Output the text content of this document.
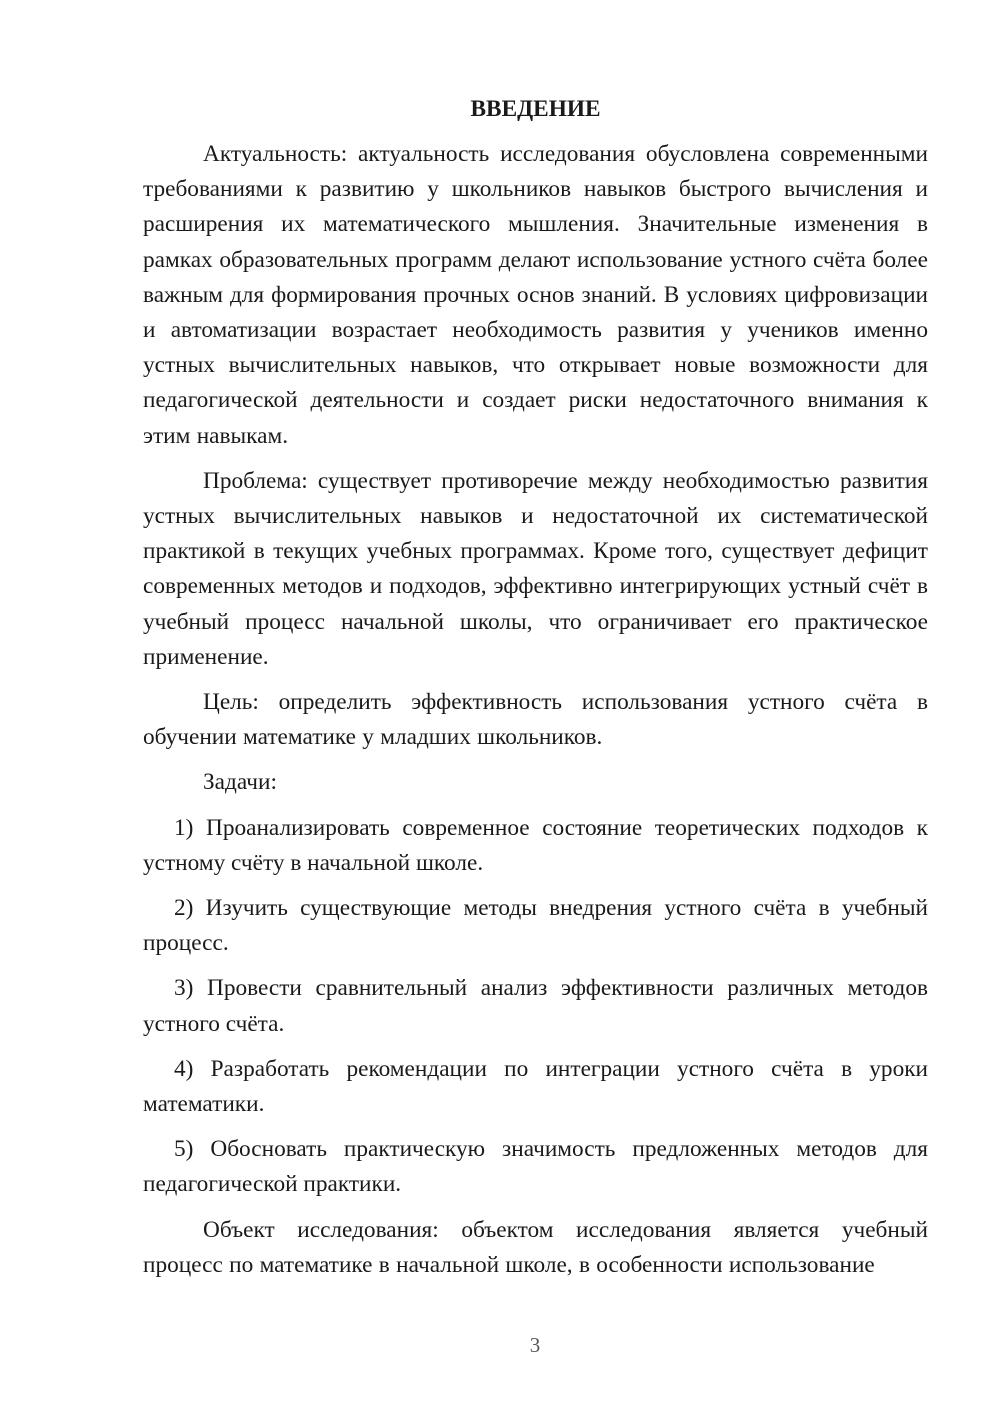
ВВЕДЕНИЕ

Актуальность: актуальность исследования обусловлена современными требованиями к развитию у школьников навыков быстрого вычисления и расширения их математического мышления. Значительные изменения в рамках образовательных программ делают использование устного счёта более важным для формирования прочных основ знаний. В условиях цифровизации и автоматизации возрастает необходимость развития у учеников именно устных вычислительных навыков, что открывает новые возможности для педагогической деятельности и создает риски недостаточного внимания к этим навыкам.

Проблема: существует противоречие между необходимостью развития устных вычислительных навыков и недостаточной их систематической практикой в текущих учебных программах. Кроме того, существует дефицит современных методов и подходов, эффективно интегрирующих устный счёт в учебный процесс начальной школы, что ограничивает его практическое применение.

Цель: определить эффективность использования устного счёта в обучении математике у младших школьников.

Задачи:

1) Проанализировать современное состояние теоретических подходов к устному счёту в начальной школе.

2) Изучить существующие методы внедрения устного счёта в учебный процесс.

3) Провести сравнительный анализ эффективности различных методов устного счёта.

4) Разработать рекомендации по интеграции устного счёта в уроки математики.

5) Обосновать практическую значимость предложенных методов для педагогической практики.

Объект исследования: объектом исследования является учебный процесс по математике в начальной школе, в особенности использование

3
